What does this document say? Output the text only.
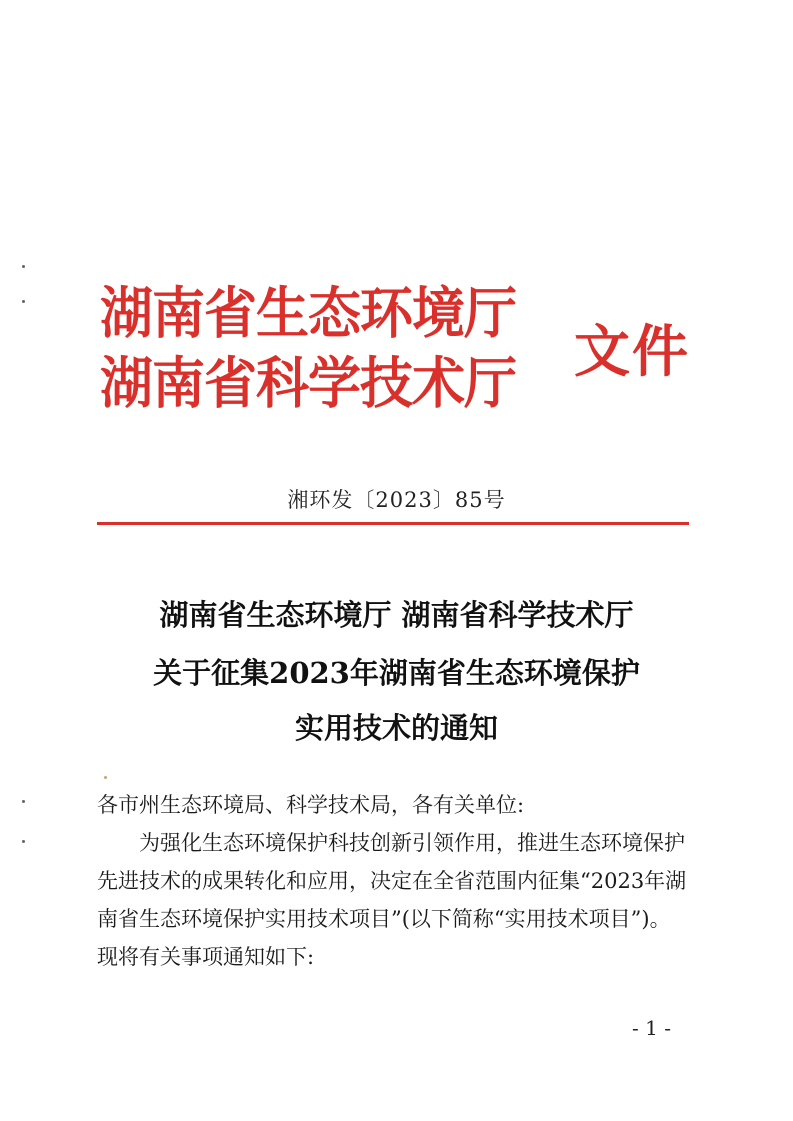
湖南省生态环境厅
湖南省科学技术厅 文件
湘环发〔2023〕85号
湖南省生态环境厅 湖南省科学技术厅
关于征集2023年湖南省生态环境保护
实用技术的通知
各市州生态环境局、科学技术局，各有关单位:
为强化生态环境保护科技创新引领作用，推进生态环境保护
先进技术的成果转化和应用，决定在全省范围内征集“2023年湖
南省生态环境保护实用技术项目”(以下简称“实用技术项目”)。
现将有关事项通知如下:
- 1 -
